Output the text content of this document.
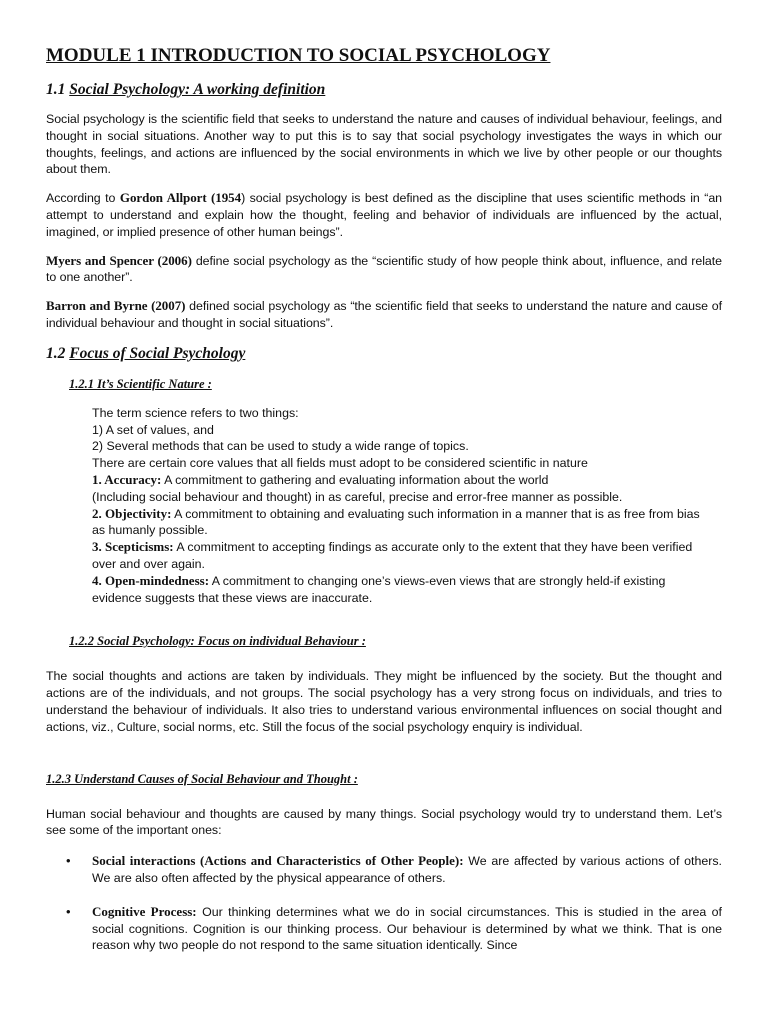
MODULE 1 INTRODUCTION TO SOCIAL PSYCHOLOGY
1.1 Social Psychology: A working definition

Social psychology is the scientific field that seeks to understand the nature and causes of individual behaviour, feelings, and thought in social situations. Another way to put this is to say that social psychology investigates the ways in which our thoughts, feelings, and actions are influenced by the social environments in which we live by other people or our thoughts about them.

According to Gordon Allport (1954) social psychology is best defined as the discipline that uses scientific methods in “an attempt to understand and explain how the thought, feeling and behavior of individuals are influenced by the actual, imagined, or implied presence of other human beings”.

Myers and Spencer (2006) define social psychology as the “scientific study of how people think about, influence, and relate to one another”.

Barron and Byrne (2007) defined social psychology as “the scientific field that seeks to understand the nature and cause of individual behaviour and thought in social situations”.

1.2 Focus of Social Psychology
1.2.1 It’s Scientific Nature :

The term science refers to two things:

1) A set of values, and

2) Several methods that can be used to study a wide range of topics.

There are certain core values that all fields must adopt to be considered scientific in nature

1. Accuracy: A commitment to gathering and evaluating information about the world

(Including social behaviour and thought) in as careful, precise and error-free manner as possible.

2. Objectivity: A commitment to obtaining and evaluating such information in a manner that is as free from bias as humanly possible.

3. Scepticisms: A commitment to accepting findings as accurate only to the extent that they have been verified over and over again.

4. Open-mindedness: A commitment to changing one’s views-even views that are strongly held-if existing evidence suggests that these views are inaccurate.

1.2.2 Social Psychology: Focus on individual Behaviour :

The social thoughts and actions are taken by individuals. They might be influenced by the society. But the thought and actions are of the individuals, and not groups. The social psychology has a very strong focus on individuals, and tries to understand the behaviour of individuals. It also tries to understand various environmental influences on social thought and actions, viz., Culture, social norms, etc. Still the focus of the social psychology enquiry is individual.

1.2.3 Understand Causes of Social Behaviour and Thought :

Human social behaviour and thoughts are caused by many things. Social psychology would try to understand them. Let’s see some of the important ones:

• Social interactions (Actions and Characteristics of Other People): We are affected by various actions of others. We are also often affected by the physical appearance of others.
• Cognitive Process: Our thinking determines what we do in social circumstances. This is studied in the area of social cognitions. Cognition is our thinking process. Our behaviour is determined by what we think. That is one reason why two people do not respond to the same situation identically. Since
